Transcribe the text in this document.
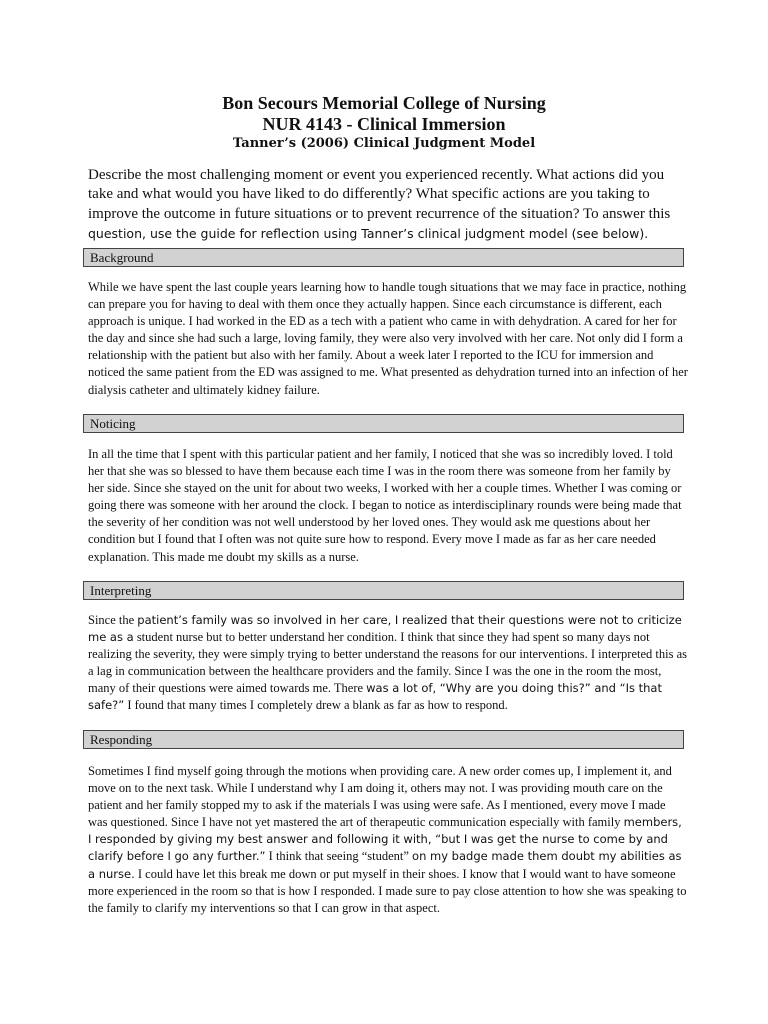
Bon Secours Memorial College of Nursing
NUR 4143 - Clinical Immersion
Tanner’s (2006) Clinical Judgment Model

Describe the most challenging moment or event you experienced recently. What actions did you take and what would you have liked to do differently? What specific actions are you taking to improve the outcome in future situations or to prevent recurrence of the situation? To answer this question, use the guide for reflection using Tanner’s clinical judgment model (see below).

Background

While we have spent the last couple years learning how to handle tough situations that we may face in practice, nothing can prepare you for having to deal with them once they actually happen. Since each circumstance is different, each approach is unique. I had worked in the ED as a tech with a patient who came in with dehydration. A cared for her for the day and since she had such a large, loving family, they were also very involved with her care. Not only did I form a relationship with the patient but also with her family. About a week later I reported to the ICU for immersion and noticed the same patient from the ED was assigned to me. What presented as dehydration turned into an infection of her dialysis catheter and ultimately kidney failure.

Noticing

In all the time that I spent with this particular patient and her family, I noticed that she was so incredibly loved. I told her that she was so blessed to have them because each time I was in the room there was someone from her family by her side. Since she stayed on the unit for about two weeks, I worked with her a couple times. Whether I was coming or going there was someone with her around the clock. I began to notice as interdisciplinary rounds were being made that the severity of her condition was not well understood by her loved ones. They would ask me questions about her condition but I found that I often was not quite sure how to respond. Every move I made as far as her care needed explanation. This made me doubt my skills as a nurse.

Interpreting

Since the patient’s family was so involved in her care, I realized that their questions were not to criticize me as a student nurse but to better understand her condition. I think that since they had spent so many days not realizing the severity, they were simply trying to better understand the reasons for our interventions. I interpreted this as a lag in communication between the healthcare providers and the family. Since I was the one in the room the most, many of their questions were aimed towards me. There was a lot of, “Why are you doing this?” and “Is that safe?” I found that many times I completely drew a blank as far as how to respond.

Responding

Sometimes I find myself going through the motions when providing care. A new order comes up, I implement it, and move on to the next task. While I understand why I am doing it, others may not. I was providing mouth care on the patient and her family stopped my to ask if the materials I was using were safe. As I mentioned, every move I made was questioned. Since I have not yet mastered the art of therapeutic communication especially with family members, I responded by giving my best answer and following it with, “but I was get the nurse to come by and clarify before I go any further.” I think that seeing “student” on my badge made them doubt my abilities as a nurse. I could have let this break me down or put myself in their shoes. I know that I would want to have someone more experienced in the room so that is how I responded. I made sure to pay close attention to how she was speaking to the family to clarify my interventions so that I can grow in that aspect.
